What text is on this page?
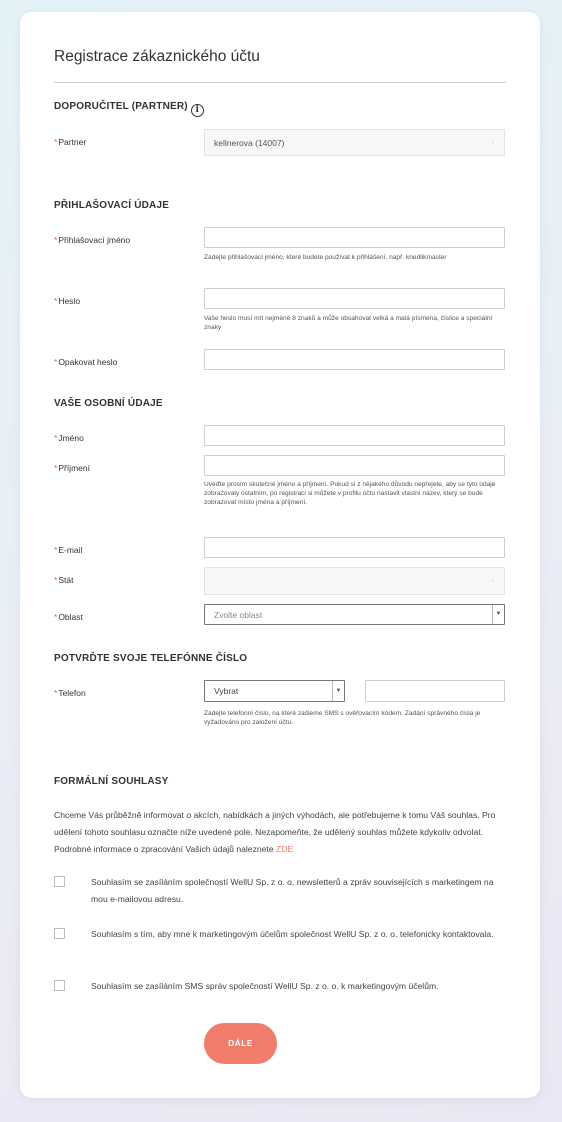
Registrace zákaznického účtu
DOPORUČITEL (PARTNER) i
*Partner	kellnerova (14007)	-
PŘIHLAŠOVACÍ ÚDAJE
*Přihlašovací jméno
Zadejte přihlašovací jméno, které budete používat k přihlášení, např. knedlikmaster
*Heslo
Vaše heslo musí mít nejméně 8 znaků a může obsahovat velká a malá písmena, číslice a speciální znaky
*Opakovat heslo
VAŠE OSOBNÍ ÚDAJE
*Jméno
*Příjmení
Uveďte prosím skutečné jméno a příjmení. Pokud si z nějakého důvodu nepřejete, aby se tyto údaje zobrazovaly ostatním, po registraci si můžete v profilu účtu nastavit vlastní název, který se bude zobrazovat místo jména a příjmení.
*E-mail
*Stát	-
*Oblast	Zvolte oblast	▼
POTVRĎTE SVOJE TELEFÓNNE ČÍSLO
*Telefon	Vybrat	▼
Zadejte telefonní číslo, na které zašleme SMS s ověřovacím kódem. Zadání správného čísla je vyžadováno pro založení účtu.
FORMÁLNÍ SOUHLASY
Chceme Vás průběžně informovat o akcích, nabídkách a jiných výhodách, ale potřebujeme k tomu Váš souhlas. Pro udělení tohoto souhlasu označte níže uvedené pole. Nezapomeňte, že udělený souhlas můžete kdykoliv odvolat. Podrobné informace o zpracování Vašich údajů naleznete ZDE
Souhlasím se zasíláním společností WellU Sp. z o. o. newsletterů a zpráv souvisejících s marketingem na mou e-mailovou adresu.
Souhlasím s tím, aby mne k marketingovým účelům společnost WellU Sp. z o. o. telefonicky kontaktovala.
Souhlasím se zasíláním SMS správ společností WellU Sp. z o. o. k marketingovým účelům.
DÁLE
